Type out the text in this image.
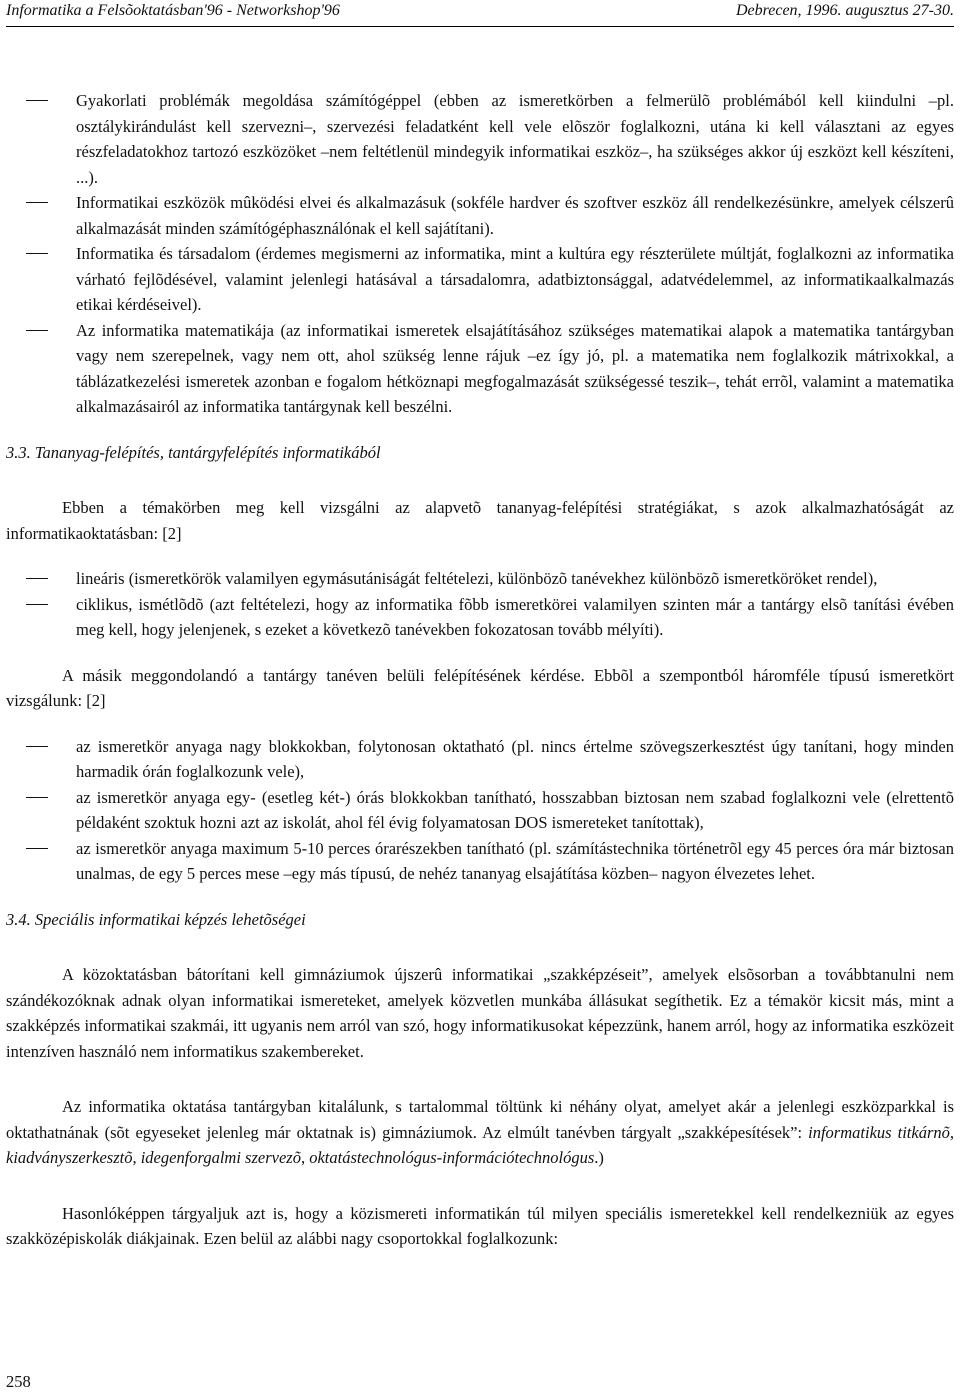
Informatika a Felsõoktatásban'96 - Networkshop'96	Debrecen, 1996. augusztus 27-30.
Gyakorlati problémák megoldása számítógéppel (ebben az ismeretkörben a felmerülõ problémából kell kiindulni –pl. osztálykirándulást kell szervezni–, szervezési feladatként kell vele elõször foglalkozni, utána ki kell választani az egyes részfeladatokhoz tartozó eszközöket –nem feltétlenül mindegyik informatikai eszköz–, ha szükséges akkor új eszközt kell készíteni, ...).
Informatikai eszközök mûködési elvei és alkalmazásuk (sokféle hardver és szoftver eszköz áll rendelkezésünkre, amelyek célszerû alkalmazását minden számítógéphasználónak el kell sajátítani).
Informatika és társadalom (érdemes megismerni az informatika, mint a kultúra egy részterülete múltját, foglalkozni az informatika várható fejlõdésével, valamint jelenlegi hatásával a társadalomra, adatbiztonsággal, adatvédelemmel, az informatikaalkalmazás etikai kérdéseivel).
Az informatika matematikája (az informatikai ismeretek elsajátításához szükséges matematikai alapok a matematika tantárgyban vagy nem szerepelnek, vagy nem ott, ahol szükség lenne rájuk –ez így jó, pl. a matematika nem foglalkozik mátrixokkal, a táblázatkezelési ismeretek azonban e fogalom hétköznapi megfogalmazását szükségessé teszik–, tehát errõl, valamint a matematika alkalmazásairól az informatika tantárgynak kell beszélni.

3.3. Tananyag-felépítés, tantárgyfelépítés informatikából

Ebben a témakörben meg kell vizsgálni az alapvetõ tananyag-felépítési stratégiákat, s azok alkalmazhatóságát az informatikaoktatásban: [2]

lineáris (ismeretkörök valamilyen egymásutániságát feltételezi, különbözõ tanévekhez különbözõ ismeretköröket rendel),
ciklikus, ismétlõdõ (azt feltételezi, hogy az informatika fõbb ismeretkörei valamilyen szinten már a tantárgy elsõ tanítási évében meg kell, hogy jelenjenek, s ezeket a következõ tanévekben fokozatosan tovább mélyíti).

A másik meggondolandó a tantárgy tanéven belüli felépítésének kérdése. Ebbõl a szempontból háromféle típusú ismeretkört vizsgálunk: [2]

az ismeretkör anyaga nagy blokkokban, folytonosan oktatható (pl. nincs értelme szövegszerkesztést úgy tanítani, hogy minden harmadik órán foglalkozunk vele),
az ismeretkör anyaga egy- (esetleg két-) órás blokkokban tanítható, hosszabban biztosan nem szabad foglalkozni vele (elrettentõ példaként szoktuk hozni azt az iskolát, ahol fél évig folyamatosan DOS ismereteket tanítottak),
az ismeretkör anyaga maximum 5-10 perces órarészekben tanítható (pl. számítástechnika történetrõl egy 45 perces óra már biztosan unalmas, de egy 5 perces mese –egy más típusú, de nehéz tananyag elsajátítása közben– nagyon élvezetes lehet.

3.4. Speciális informatikai képzés lehetõségei

A közoktatásban bátorítani kell gimnáziumok újszerû informatikai „szakképzéseit”, amelyek elsõsorban a továbbtanulni nem szándékozóknak adnak olyan informatikai ismereteket, amelyek közvetlen munkába állásukat segíthetik. Ez a témakör kicsit más, mint a szakképzés informatikai szakmái, itt ugyanis nem arról van szó, hogy informatikusokat képezzünk, hanem arról, hogy az informatika eszközeit intenzíven használó nem informatikus szakembereket.

Az informatika oktatása tantárgyban kitalálunk, s tartalommal töltünk ki néhány olyat, amelyet akár a jelenlegi eszközparkkal is oktathatnának (sõt egyeseket jelenleg már oktatnak is) gimnáziumok. Az elmúlt tanévben tárgyalt „szakképesítések”: informatikus titkárnõ, kiadványszerkesztõ, idegenforgalmi szervezõ, oktatástechnológus-információtechnológus.)

Hasonlóképpen tárgyaljuk azt is, hogy a közismereti informatikán túl milyen speciális ismeretekkel kell rendelkezniük az egyes szakközépiskolák diákjainak. Ezen belül az alábbi nagy csoportokkal foglalkozunk:

258
